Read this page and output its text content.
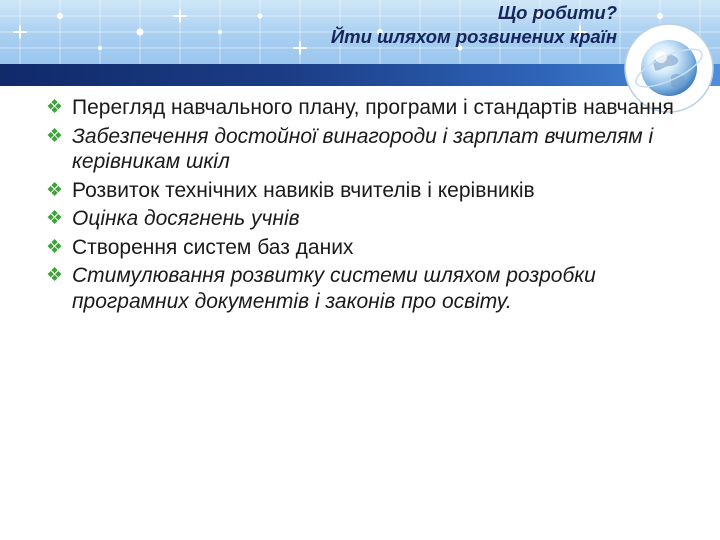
Що робити?
Йти шляхом розвинених країн
❖ Перегляд навчального плану, програми і стандартів навчання
❖ Забезпечення достойної винагороди і зарплат вчителям і керівникам шкіл
❖ Розвиток технічних навиків вчителів і керівників
❖ Оцінка досягнень учнів
❖ Створення систем баз даних
❖ Стимулювання розвитку системи шляхом розробки програмних документів і законів про освіту.
